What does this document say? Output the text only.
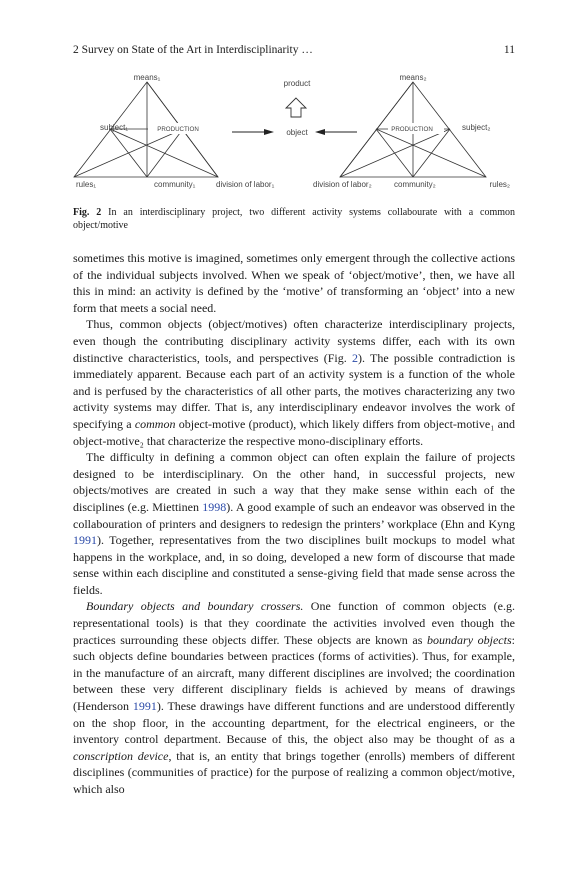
2 Survey on State of the Art in Interdisciplinarity …	11
means₁
subject₁	PRODUCTION
rules₁	community₁	division of labor₁
product
object
means₂
PRODUCTION	subject₂
division of labor₂	community₂	rules₂
Fig. 2 In an interdisciplinary project, two different activity systems collabourate with a common object/motive

sometimes this motive is imagined, sometimes only emergent through the collective actions of the individual subjects involved. When we speak of ‘object/motive’, then, we have all this in mind: an activity is defined by the ‘motive’ of transforming an ‘object’ into a new form that meets a social need.

Thus, common objects (object/motives) often characterize interdisciplinary projects, even though the contributing disciplinary activity systems differ, each with its own distinctive characteristics, tools, and perspectives (Fig. 2). The possible contradiction is immediately apparent. Because each part of an activity system is a function of the whole and is perfused by the characteristics of all other parts, the motives characterizing any two activity systems may differ. That is, any interdisciplinary endeavor involves the work of specifying a common object-motive (product), which likely differs from object-motive₁ and object-motive₂ that characterize the respective mono-disciplinary efforts.

The difficulty in defining a common object can often explain the failure of projects designed to be interdisciplinary. On the other hand, in successful projects, new objects/motives are created in such a way that they make sense within each of the disciplines (e.g. Miettinen 1998). A good example of such an endeavor was observed in the collabouration of printers and designers to redesign the printers’ workplace (Ehn and Kyng 1991). Together, representatives from the two disciplines built mockups to model what happens in the workplace, and, in so doing, developed a new form of discourse that made sense within each discipline and constituted a sense-giving field that made sense across the fields.

Boundary objects and boundary crossers. One function of common objects (e.g. representational tools) is that they coordinate the activities involved even though the practices surrounding these objects differ. These objects are known as boundary objects: such objects define boundaries between practices (forms of activities). Thus, for example, in the manufacture of an aircraft, many different disciplines are involved; the coordination between these very different disciplinary fields is achieved by means of drawings (Henderson 1991). These drawings have different functions and are understood differently on the shop floor, in the accounting department, for the electrical engineers, or the inventory control department. Because of this, the object also may be thought of as a conscription device, that is, an entity that brings together (enrolls) members of different disciplines (communities of practice) for the purpose of realizing a common object/motive, which also
